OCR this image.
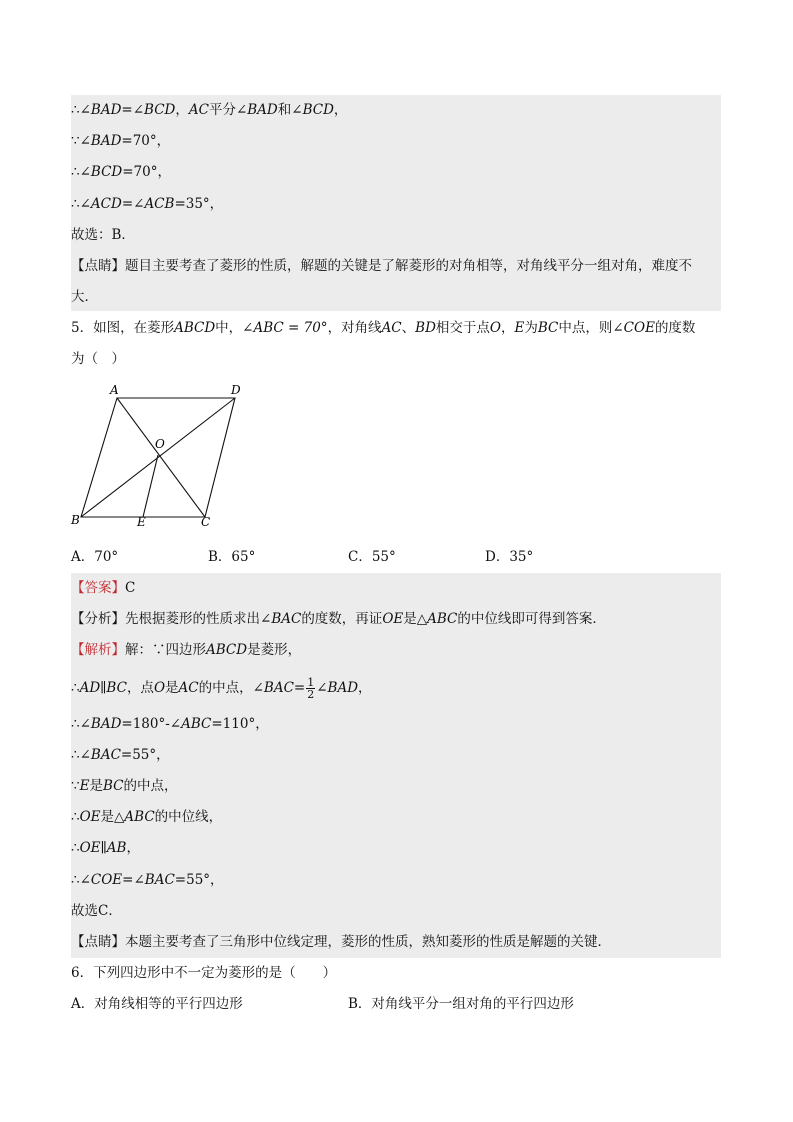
∴∠BAD=∠BCD，AC平分∠BAD和∠BCD，
∵∠BAD=70°，
∴∠BCD=70°，
∴∠ACD=∠ACB=35°，
故选：B．
【点睛】题目主要考查了菱形的性质，解题的关键是了解菱形的对角相等，对角线平分一组对角，难度不
大．
5．如图，在菱形ABCD中，∠ABC = 70°，对角线AC、BD相交于点O，E为BC中点，则∠COE的度数
为（　）
A	D
O
B	E	C
A．70°	B．65°	C．55°	D．35°
【答案】C
【分析】先根据菱形的性质求出∠BAC的度数，再证OE是△ABC的中位线即可得到答案．
【解析】解：∵四边形ABCD是菱形，
∴AD∥BC，点O是AC的中点，∠BAC= $\frac{1}{2}$ ∠BAD，
∴∠BAD=180°-∠ABC=110°，
∴∠BAC=55°，
∵E是BC的中点，
∴OE是△ABC的中位线，
∴OE∥AB，
∴∠COE=∠BAC=55°，
故选C．
【点睛】本题主要考查了三角形中位线定理，菱形的性质，熟知菱形的性质是解题的关键．
6．下列四边形中不一定为菱形的是（　　）
A．对角线相等的平行四边形	B．对角线平分一组对角的平行四边形
